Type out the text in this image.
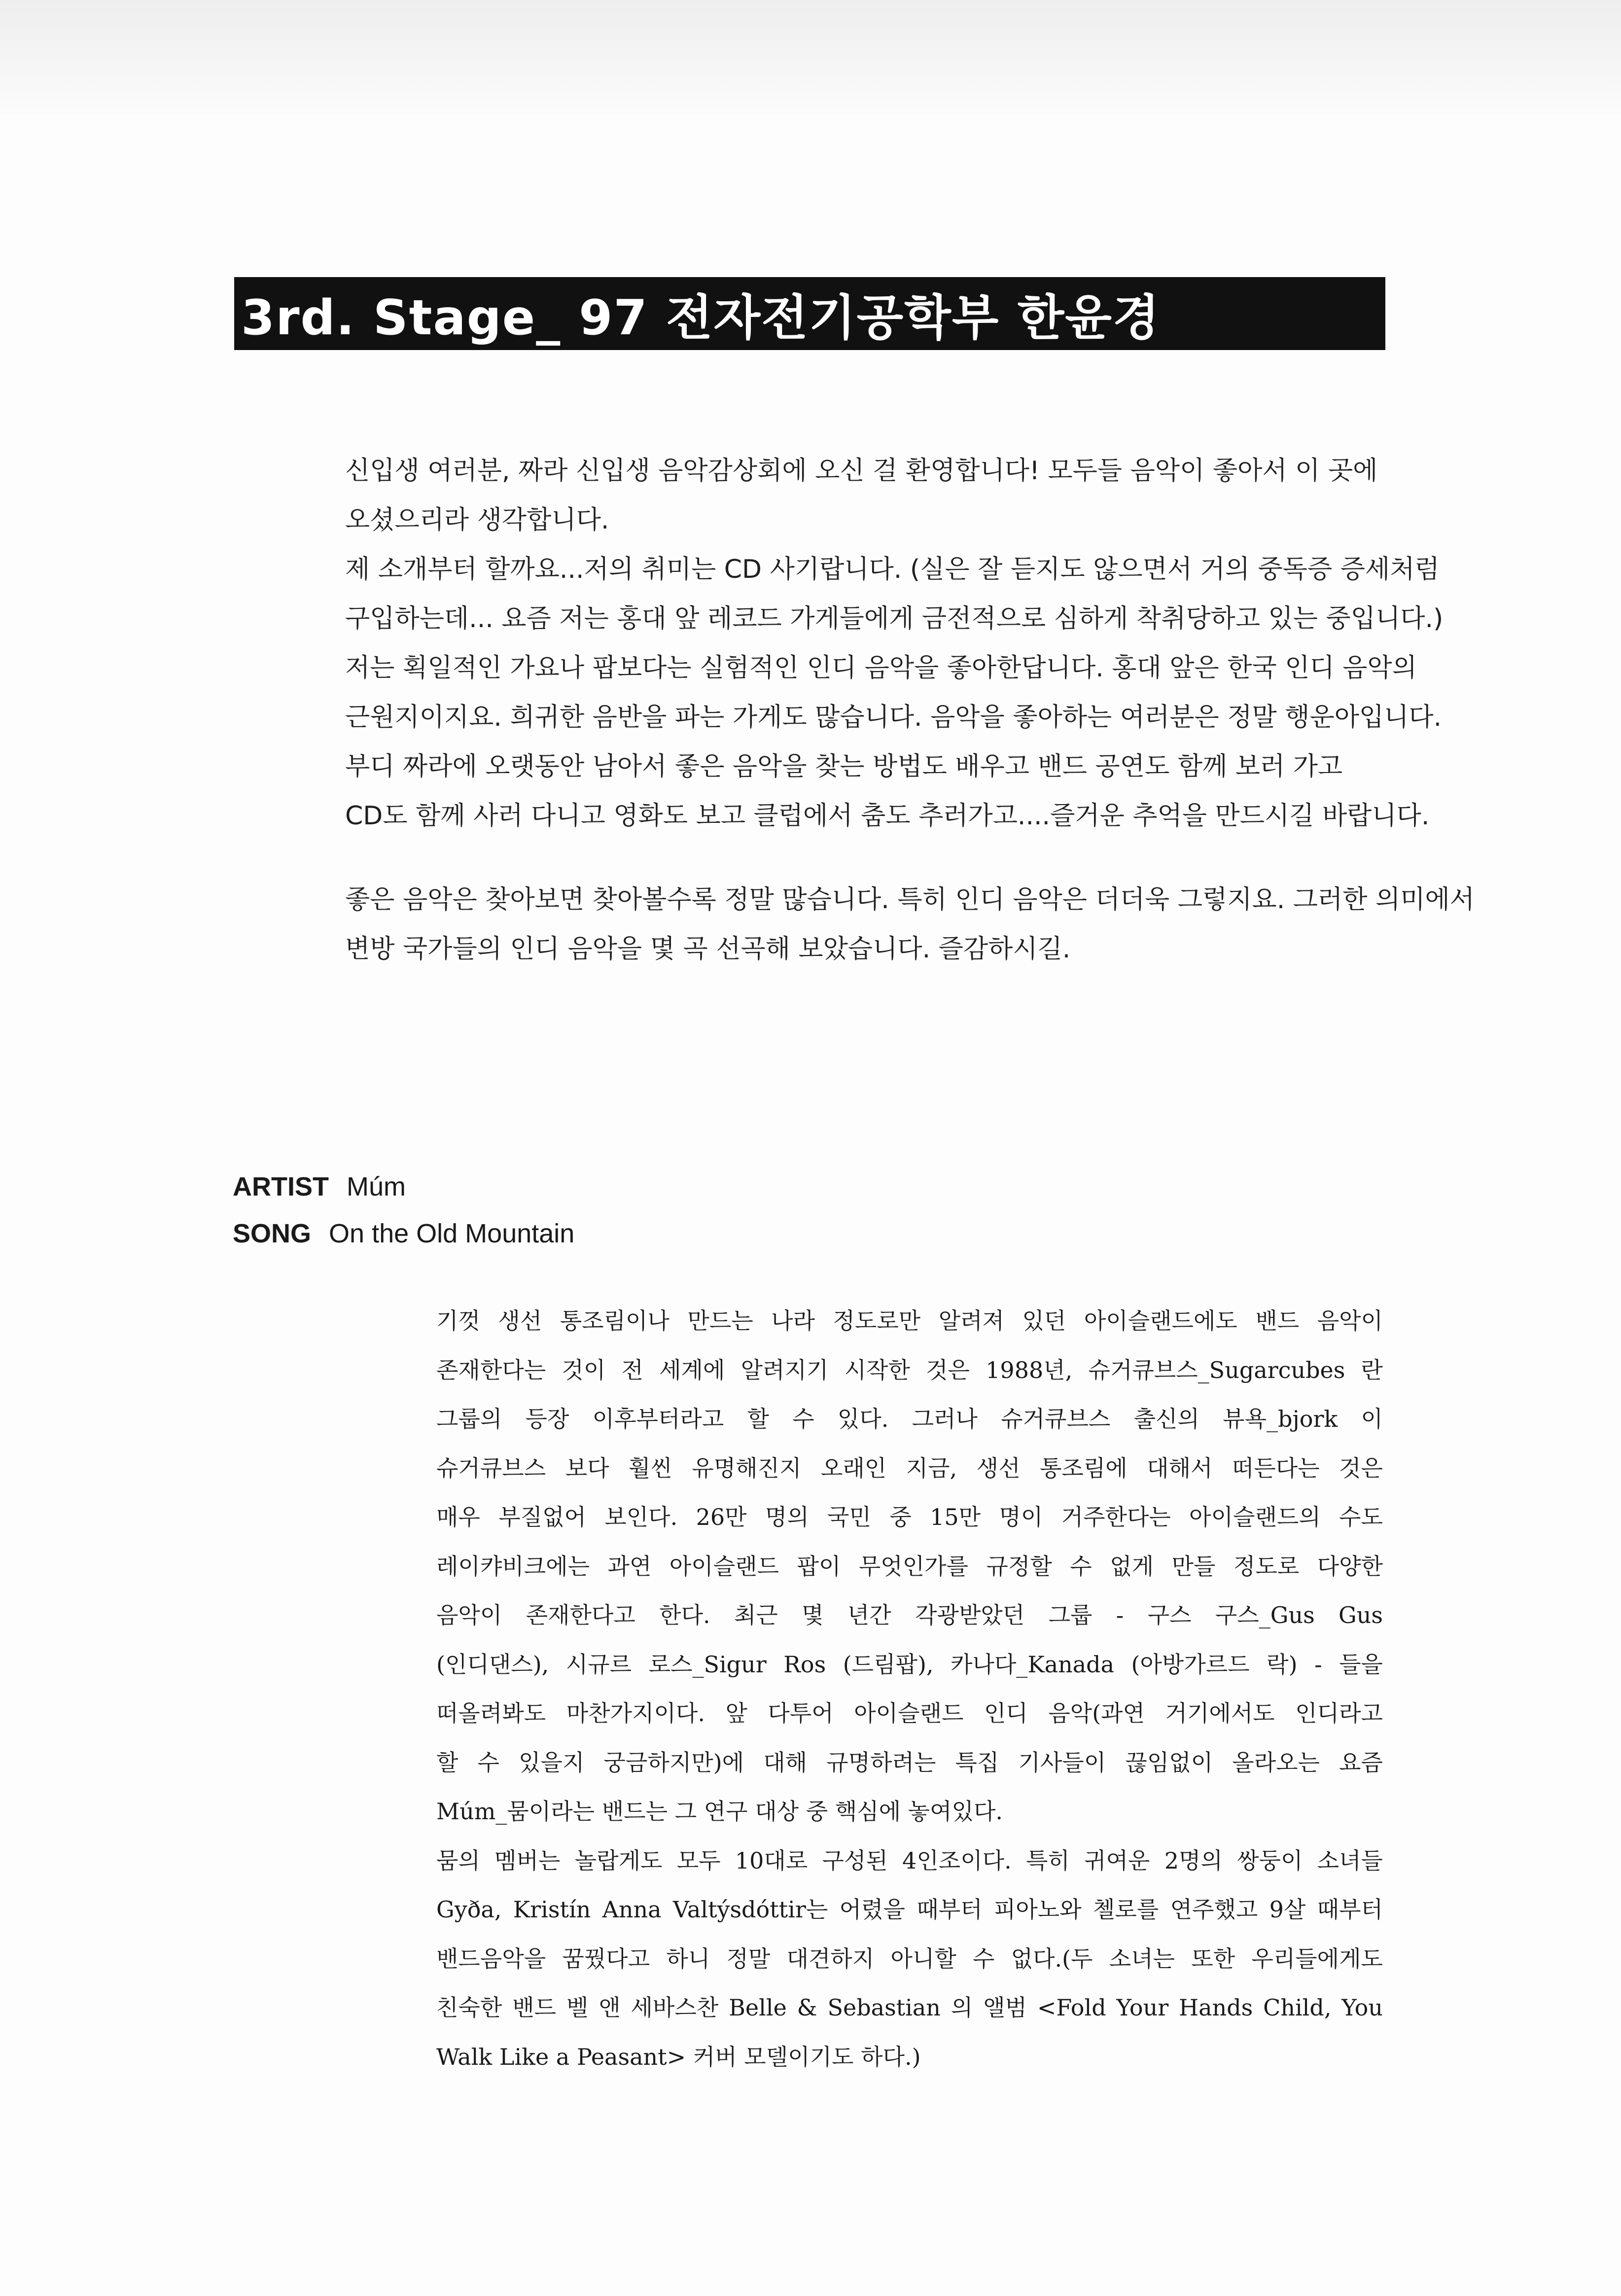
3rd. Stage_ 97 전자전기공학부 한윤경
신입생 여러분, 짜라 신입생 음악감상회에 오신 걸 환영합니다! 모두들 음악이 좋아서 이 곳에
오셨으리라 생각합니다.
제 소개부터 할까요...저의 취미는 CD 사기랍니다. (실은 잘 듣지도 않으면서 거의 중독증 증세처럼
구입하는데... 요즘 저는 홍대 앞 레코드 가게들에게 금전적으로 심하게 착취당하고 있는 중입니다.)
저는 획일적인 가요나 팝보다는 실험적인 인디 음악을 좋아한답니다. 홍대 앞은 한국 인디 음악의
근원지이지요. 희귀한 음반을 파는 가게도 많습니다. 음악을 좋아하는 여러분은 정말 행운아입니다.
부디 짜라에 오랫동안 남아서 좋은 음악을 찾는 방법도 배우고 밴드 공연도 함께 보러 가고
CD도 함께 사러 다니고 영화도 보고 클럽에서 춤도 추러가고....즐거운 추억을 만드시길 바랍니다.
좋은 음악은 찾아보면 찾아볼수록 정말 많습니다. 특히 인디 음악은 더더욱 그렇지요. 그러한 의미에서
변방 국가들의 인디 음악을 몇 곡 선곡해 보았습니다. 즐감하시길.
ARTIST Múm
SONG On the Old Mountain
기껏 생선 통조림이나 만드는 나라 정도로만 알려져 있던 아이슬랜드에도 밴드 음악이
존재한다는 것이 전 세계에 알려지기 시작한 것은 1988년, 슈거큐브스_Sugarcubes 란
그룹의 등장 이후부터라고 할 수 있다. 그러나 슈거큐브스 출신의 뷰욕_bjork 이
슈거큐브스 보다 훨씬 유명해진지 오래인 지금, 생선 통조림에 대해서 떠든다는 것은
매우 부질없어 보인다. 26만 명의 국민 중 15만 명이 거주한다는 아이슬랜드의 수도
레이캬비크에는 과연 아이슬랜드 팝이 무엇인가를 규정할 수 없게 만들 정도로 다양한
음악이 존재한다고 한다. 최근 몇 년간 각광받았던 그룹 - 구스 구스_Gus Gus
(인디댄스), 시규르 로스_Sigur Ros (드림팝), 카나다_Kanada (아방가르드 락) - 들을
떠올려봐도 마찬가지이다. 앞 다투어 아이슬랜드 인디 음악(과연 거기에서도 인디라고
할 수 있을지 궁금하지만)에 대해 규명하려는 특집 기사들이 끊임없이 올라오는 요즘
Múm_뭄이라는 밴드는 그 연구 대상 중 핵심에 놓여있다.
뭄의 멤버는 놀랍게도 모두 10대로 구성된 4인조이다. 특히 귀여운 2명의 쌍둥이 소녀들
Gyða, Kristín Anna Valtýsdóttir는 어렸을 때부터 피아노와 첼로를 연주했고 9살 때부터
밴드음악을 꿈꿨다고 하니 정말 대견하지 아니할 수 없다.(두 소녀는 또한 우리들에게도
친숙한 밴드 벨 앤 세바스찬 Belle & Sebastian 의 앨범 <Fold Your Hands Child, You
Walk Like a Peasant> 커버 모델이기도 하다.)
